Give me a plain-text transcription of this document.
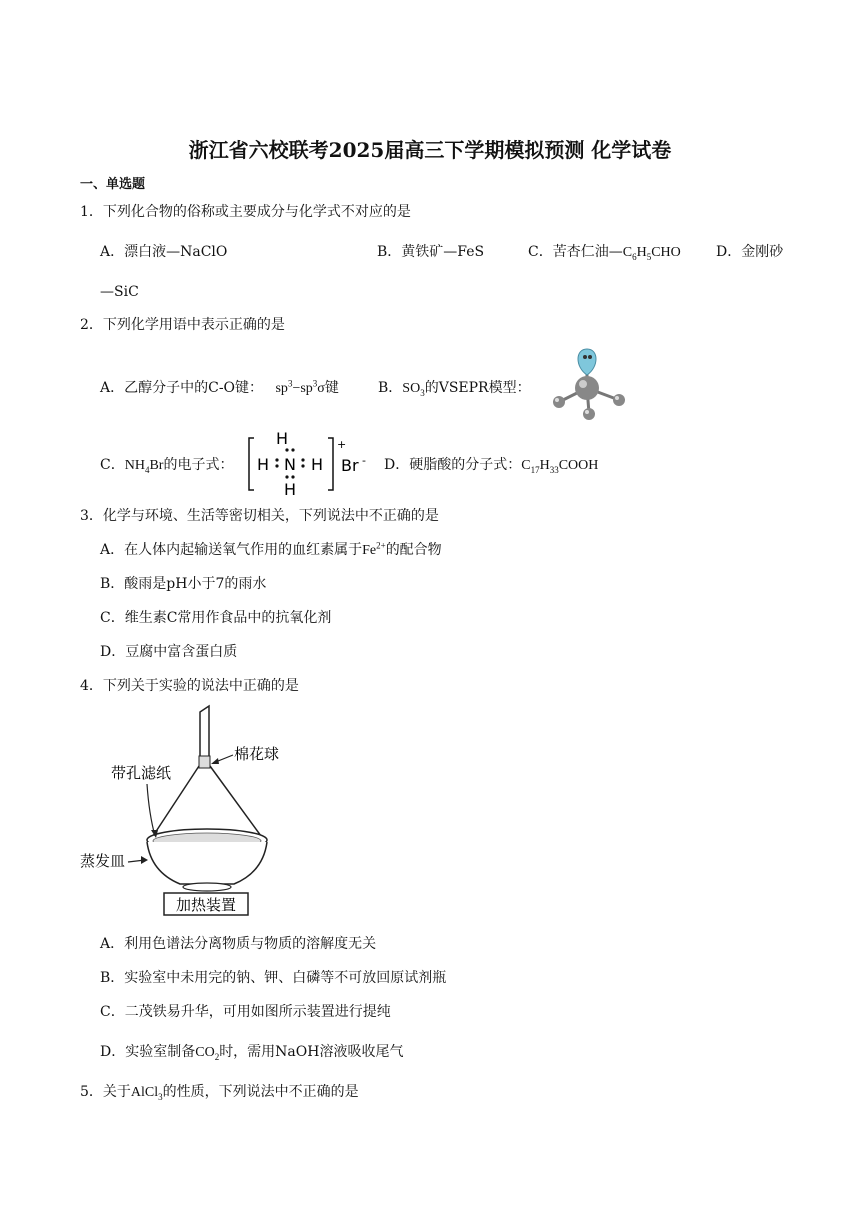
浙江省六校联考2025届高三下学期模拟预测 化学试卷
一、单选题
1．下列化合物的俗称或主要成分与化学式不对应的是
A．漂白液—NaClO	B．黄铁矿—FeS	C．苦杏仁油$—C_6H_5CHO$	D．金刚砂
—SiC
2．下列化学用语中表示正确的是
A．乙醇分子中的C-O键： $sp^3-sp^3\sigma$键	B．$SO_3$的VSEPR模型：
C．$NH_4Br$的电子式：
H
H N H
H
+
Br - D．硬脂酸的分子式：$C_{17}H_{33}COOH$
3．化学与环境、生活等密切相关，下列说法中不正确的是
A．在人体内起输送氧气作用的血红素属于$Fe^{2+}$的配合物
B．酸雨是pH小于7的雨水
C．维生素C常用作食品中的抗氧化剂
D．豆腐中富含蛋白质
4．下列关于实验的说法中正确的是
加热装置
棉花球
带孔滤纸
蒸发皿
A．利用色谱法分离物质与物质的溶解度无关
B．实验室中未用完的钠、钾、白磷等不可放回原试剂瓶
C．二茂铁易升华，可用如图所示装置进行提纯
D．实验室制备$CO_2$时，需用NaOH溶液吸收尾气
5．关于AlCl$_3$的性质，下列说法中不正确的是
